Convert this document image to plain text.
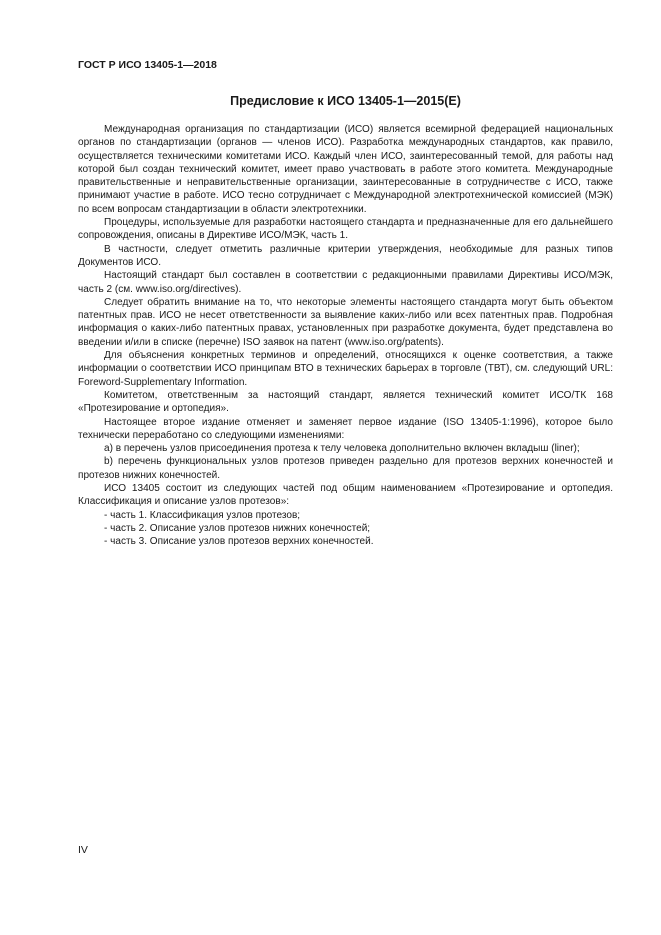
ГОСТ Р ИСО 13405-1—2018
Предисловие к ИСО 13405-1—2015(E)

Международная организация по стандартизации (ИСО) является всемирной федерацией национальных органов по стандартизации (органов — членов ИСО). Разработка международных стандартов, как правило, осуществляется техническими комитетами ИСО. Каждый член ИСО, заинтересованный темой, для работы над которой был создан технический комитет, имеет право участвовать в работе этого комитета. Международные правительственные и неправительственные организации, заинтересованные в сотрудничестве с ИСО, также принимают участие в работе. ИСО тесно сотрудничает с Международной электротехнической комиссией (МЭК) по всем вопросам стандартизации в области электротехники.

Процедуры, используемые для разработки настоящего стандарта и предназначенные для его дальнейшего сопровождения, описаны в Директиве ИСО/МЭК, часть 1.

В частности, следует отметить различные критерии утверждения, необходимые для разных типов Документов ИСО.

Настоящий стандарт был составлен в соответствии с редакционными правилами Директивы ИСО/МЭК, часть 2 (см. www.iso.org/directives).

Следует обратить внимание на то, что некоторые элементы настоящего стандарта могут быть объектом патентных прав. ИСО не несет ответственности за выявление каких-либо или всех патентных прав. Подробная информация о каких-либо патентных правах, установленных при разработке документа, будет представлена во введении и/или в списке (перечне) ISO заявок на патент (www.iso.org/patents).

Для объяснения конкретных терминов и определений, относящихся к оценке соответствия, а также информации о соответствии ИСО принципам ВТО в технических барьерах в торговле (ТВТ), см. следующий URL: Foreword-Supplementary Information.

Комитетом, ответственным за настоящий стандарт, является технический комитет ИСО/ТК 168 «Протезирование и ортопедия».

Настоящее второе издание отменяет и заменяет первое издание (ISO 13405-1:1996), которое было технически переработано со следующими изменениями:

a) в перечень узлов присоединения протеза к телу человека дополнительно включен вкладыш (liner);

b) перечень функциональных узлов протезов приведен раздельно для протезов верхних конечностей и протезов нижних конечностей.

ИСО 13405 состоит из следующих частей под общим наименованием «Протезирование и ортопедия. Классификация и описание узлов протезов»:

- часть 1. Классификация узлов протезов;

- часть 2. Описание узлов протезов нижних конечностей;

- часть 3. Описание узлов протезов верхних конечностей.

IV
